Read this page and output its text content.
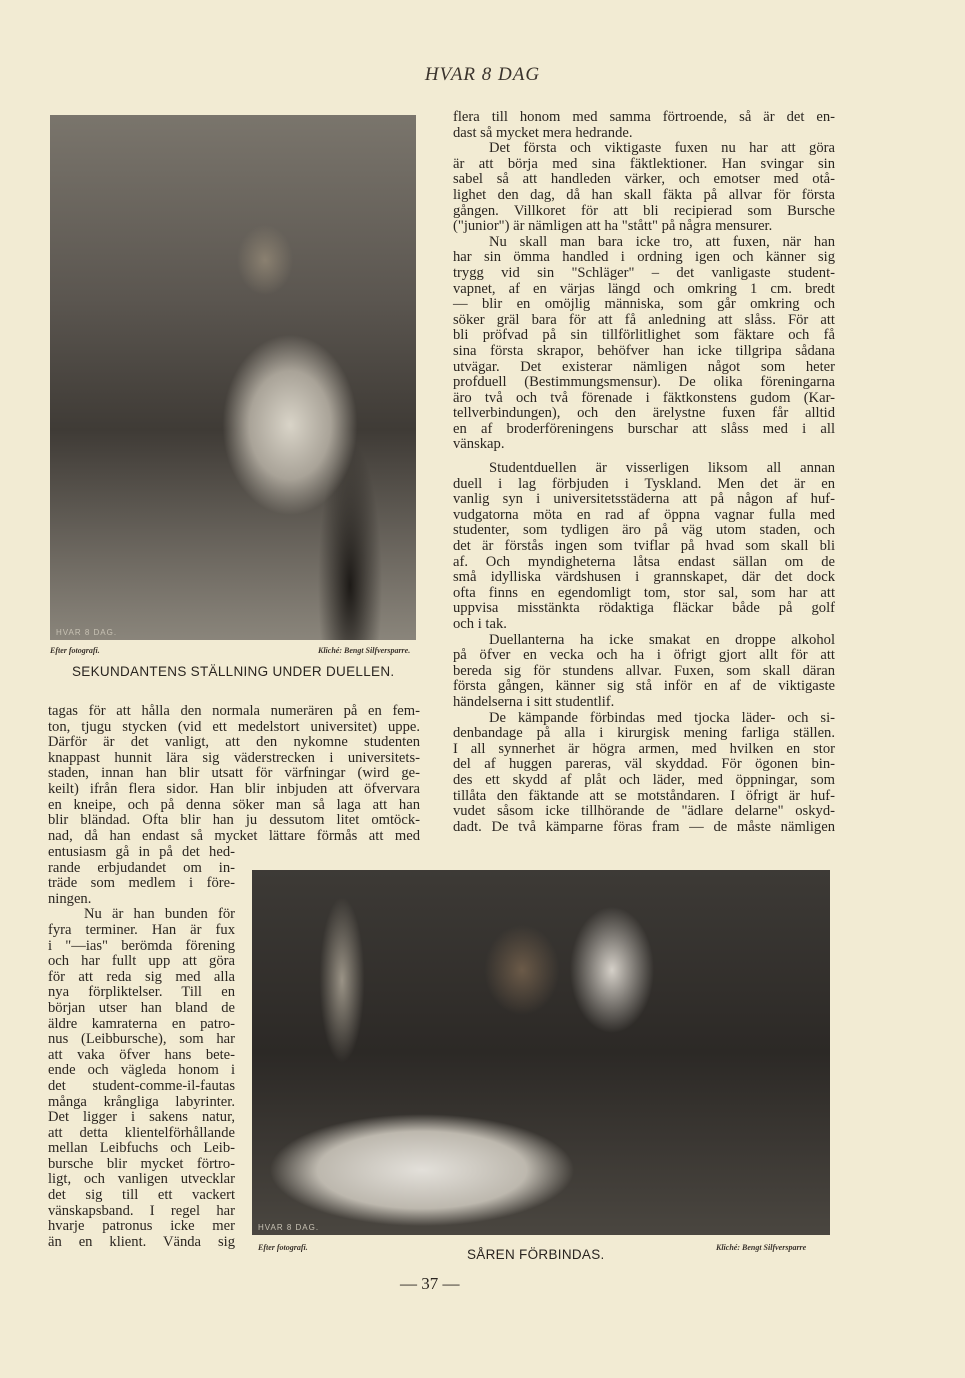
HVAR 8 DAG
HVAR 8 DAG.
Efter fotografi.	Kliché: Bengt Silfversparre.
SEKUNDANTENS STÄLLNING UNDER DUELLEN.
flera till honom med samma förtroende, så är det en-
dast så mycket mera hedrande.
Det första och viktigaste fuxen nu har att göra
är att börja med sina fäktlektioner. Han svingar sin
sabel så att handleden värker, och emotser med otå-
lighet den dag, då han skall fäkta på allvar för första
gången. Villkoret för att bli recipierad som Bursche
("junior") är nämligen att ha "stått" på några mensurer.
Nu skall man bara icke tro, att fuxen, när han
har sin ömma handled i ordning igen och känner sig
trygg vid sin "Schläger" – det vanligaste student-
vapnet, af en värjas längd och omkring 1 cm. bredt
— blir en omöjlig människa, som går omkring och
söker gräl bara för att få anledning att slåss. För att
bli pröfvad på sin tillförlitlighet som fäktare och få
sina första skrapor, behöfver han icke tillgripa sådana
utvägar. Det existerar nämligen något som heter
profduell (Bestimmungsmensur). De olika föreningarna
äro två och två förenade i fäktkonstens gudom (Kar-
tellverbindungen), och den ärelystne fuxen får alltid
en af broderföreningens burschar att slåss med i all
vänskap.
Studentduellen är visserligen liksom all annan
duell i lag förbjuden i Tyskland. Men det är en
vanlig syn i universitetsstäderna att på någon af huf-
vudgatorna möta en rad af öppna vagnar fulla med
studenter, som tydligen äro på väg utom staden, och
det är förstås ingen som tviflar på hvad som skall bli
af. Och myndigheterna låtsa endast sällan om de
små idylliska värdshusen i grannskapet, där det dock
ofta finns en egendomligt tom, stor sal, som har att
uppvisa misstänkta rödaktiga fläckar både på golf
och i tak.
Duellanterna ha icke smakat en droppe alkohol
på öfver en vecka och ha i öfrigt gjort allt för att
bereda sig för stundens allvar. Fuxen, som skall däran
första gången, känner sig stå inför en af de viktigaste
händelserna i sitt studentlif.
De kämpande förbindas med tjocka läder- och si-
denbandage på alla i kirurgisk mening farliga ställen.
I all synnerhet är högra armen, med hvilken en stor
del af huggen pareras, väl skyddad. För ögonen bin-
des ett skydd af plåt och läder, med öppningar, som
tillåta den fäktande att se motståndaren. I öfrigt är huf-
vudet såsom icke tillhörande de "ädlare delarne" oskyd-
dadt. De två kämparne föras fram — de måste nämligen
tagas för att hålla den normala numerären på en fem-
ton, tjugu stycken (vid ett medelstort universitet) uppe.
Därför är det vanligt, att den nykomne studenten
knappast hunnit lära sig väderstrecken i universitets-
staden, innan han blir utsatt för värfningar (wird ge-
keilt) ifrån flera sidor. Han blir inbjuden att öfvervara
en kneipe, och på denna söker man så laga att han
blir bländad. Ofta blir han ju dessutom litet omtöck-
nad, då han endast så mycket lättare förmås att med
entusiasm gå in på det hed-
rande erbjudandet om in-
träde som medlem i före-
ningen.
Nu är han bunden för
fyra terminer. Han är fux
i "—ias" berömda förening
och har fullt upp att göra
för att reda sig med alla
nya förpliktelser. Till en
början utser han bland de
äldre kamraterna en patro-
nus (Leibbursche), som har
att vaka öfver hans bete-
ende och vägleda honom i
det student-comme-il-fautas
många krångliga labyrinter.
Det ligger i sakens natur,
att detta klientelförhållande
mellan Leibfuchs och Leib-
bursche blir mycket förtro-
ligt, och vanligen utvecklar
det sig till ett vackert
vänskapsband. I regel har
hvarje patronus icke mer
än en klient. Vända sig
HVAR 8 DAG.
Efter fotografi.	Kliché: Bengt Silfversparre
SÅREN FÖRBINDAS.
— 37 —
